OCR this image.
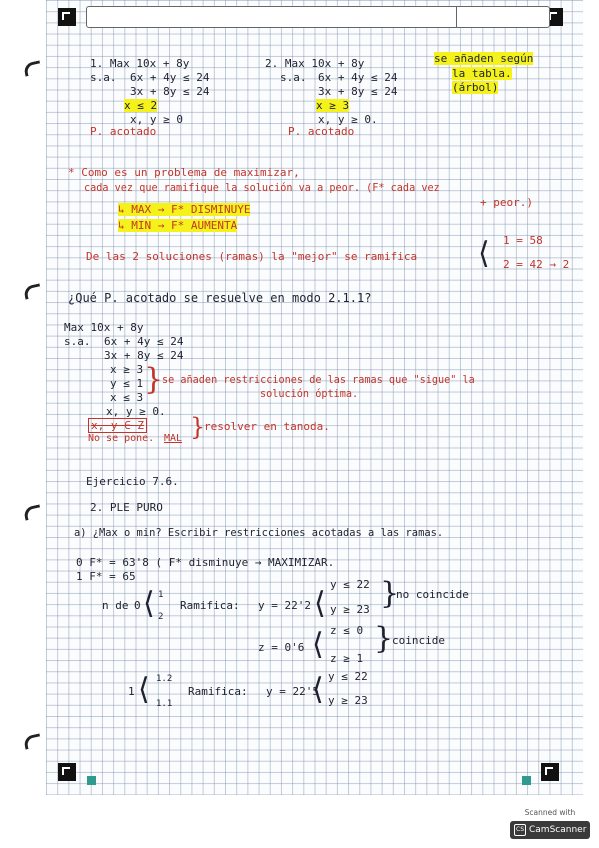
1. Max 10x + 8y
s.a. 6x + 4y ≤ 24
3x + 8y ≤ 24
x ≤ 2
x, y ≥ 0
P. acotado
2. Max 10x + 8y
s.a. 6x + 4y ≤ 24
3x + 8y ≤ 24
x ≥ 3
x, y ≥ 0.
P. acotado
se añaden según
la tabla.
(árbol)
* Como es un problema de maximizar,
cada vez que ramifique la solución va a peor. (F* cada vez
+ peor.)
↳ MAX → F* DISMINUYE
↳ MIN → F* AUMENTA
De las 2 soluciones (ramas) la "mejor" se ramifica ⟨ 1 = 58
2 = 42 → 2
¿Qué P. acotado se resuelve en modo 2.1.1?
Max 10x + 8y
s.a. 6x + 4y ≤ 24
3x + 8y ≤ 24
x ≥ 3
y ≤ 1
x ≤ 3
x, y ≥ 0.
x, y ∈ Z
No se pone. MAL
}
se añaden restricciones de las ramas que "sigue" la
solución óptima.
}
resolver en tanoda.
Ejercicio 7.6.
2. PLE PURO
a) ¿Max o min? Escribir restricciones acotadas a las ramas.
0 F* = 63'8 ( F* disminuye → MAXIMIZAR.
1 F* = 65
n de 0 ⟨ 1
2
Ramifica: y = 22'2 ⟨
y ≤ 22
y ≥ 23 }
no coincide
z = 0'6 ⟨ z ≤ 0
z ≥ 1
}
coincide
1 ⟨ 1.2
1.1
Ramifica: y = 22'5
⟨ y ≤ 22
y ≥ 23
Scanned with
CS CamScanner
